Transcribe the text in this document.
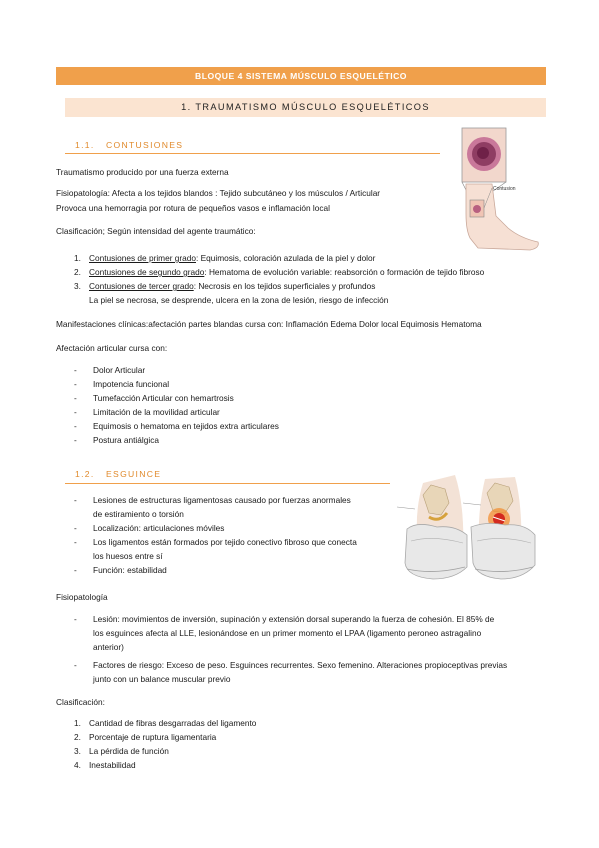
BLOQUE 4 SISTEMA MÚSCULO ESQUELÉTICO
1. TRAUMATISMO MÚSCULO ESQUELÉTICOS
1.1. CONTUSIONES
Traumatismo producido por una fuerza externa
Fisiopatología: Afecta a los tejidos blandos : Tejido subcutáneo y los músculos / Articular
Provoca una hemorragia por rotura de pequeños vasos e inflamación local
Clasificación; Según intensidad del agente traumático:
1. Contusiones de primer grado: Equimosis, coloración azulada de la piel y dolor
2. Contusiones de segundo grado: Hematoma de evolución variable: reabsorción o formación de tejido fibroso
3. Contusiones de tercer grado: Necrosis en los tejidos superficiales y profundos
La piel se necrosa, se desprende, ulcera en la zona de lesión, riesgo de infección
Manifestaciones clínicas:afectación partes blandas cursa con: Inflamación Edema Dolor local Equimosis Hematoma
Afectación articular cursa con:
- Dolor Articular
- Impotencia funcional
- Tumefacción Articular con hemartrosis
- Limitación de la movilidad articular
- Equimosis o hematoma en tejidos extra articulares
- Postura antiálgica
Contusion
1.2. ESGUINCE
- Lesiones de estructuras ligamentosas causado por fuerzas anormales
de estiramiento o torsión
- Localización: articulaciones móviles
- Los ligamentos están formados por tejido conectivo fibroso que conecta
los huesos entre sí
- Función: estabilidad
Fisiopatología
- Lesión: movimientos de inversión, supinación y extensión dorsal superando la fuerza de cohesión. El 85% de
los esguinces afecta al LLE, lesionándose en un primer momento el LPAA (ligamento peroneo astragalino
anterior)
- Factores de riesgo: Exceso de peso. Esguinces recurrentes. Sexo femenino. Alteraciones propioceptivas previas
junto con un balance muscular previo
Clasificación:
1. Cantidad de fibras desgarradas del ligamento
2. Porcentaje de ruptura ligamentaria
3. La pérdida de función
4. Inestabilidad
